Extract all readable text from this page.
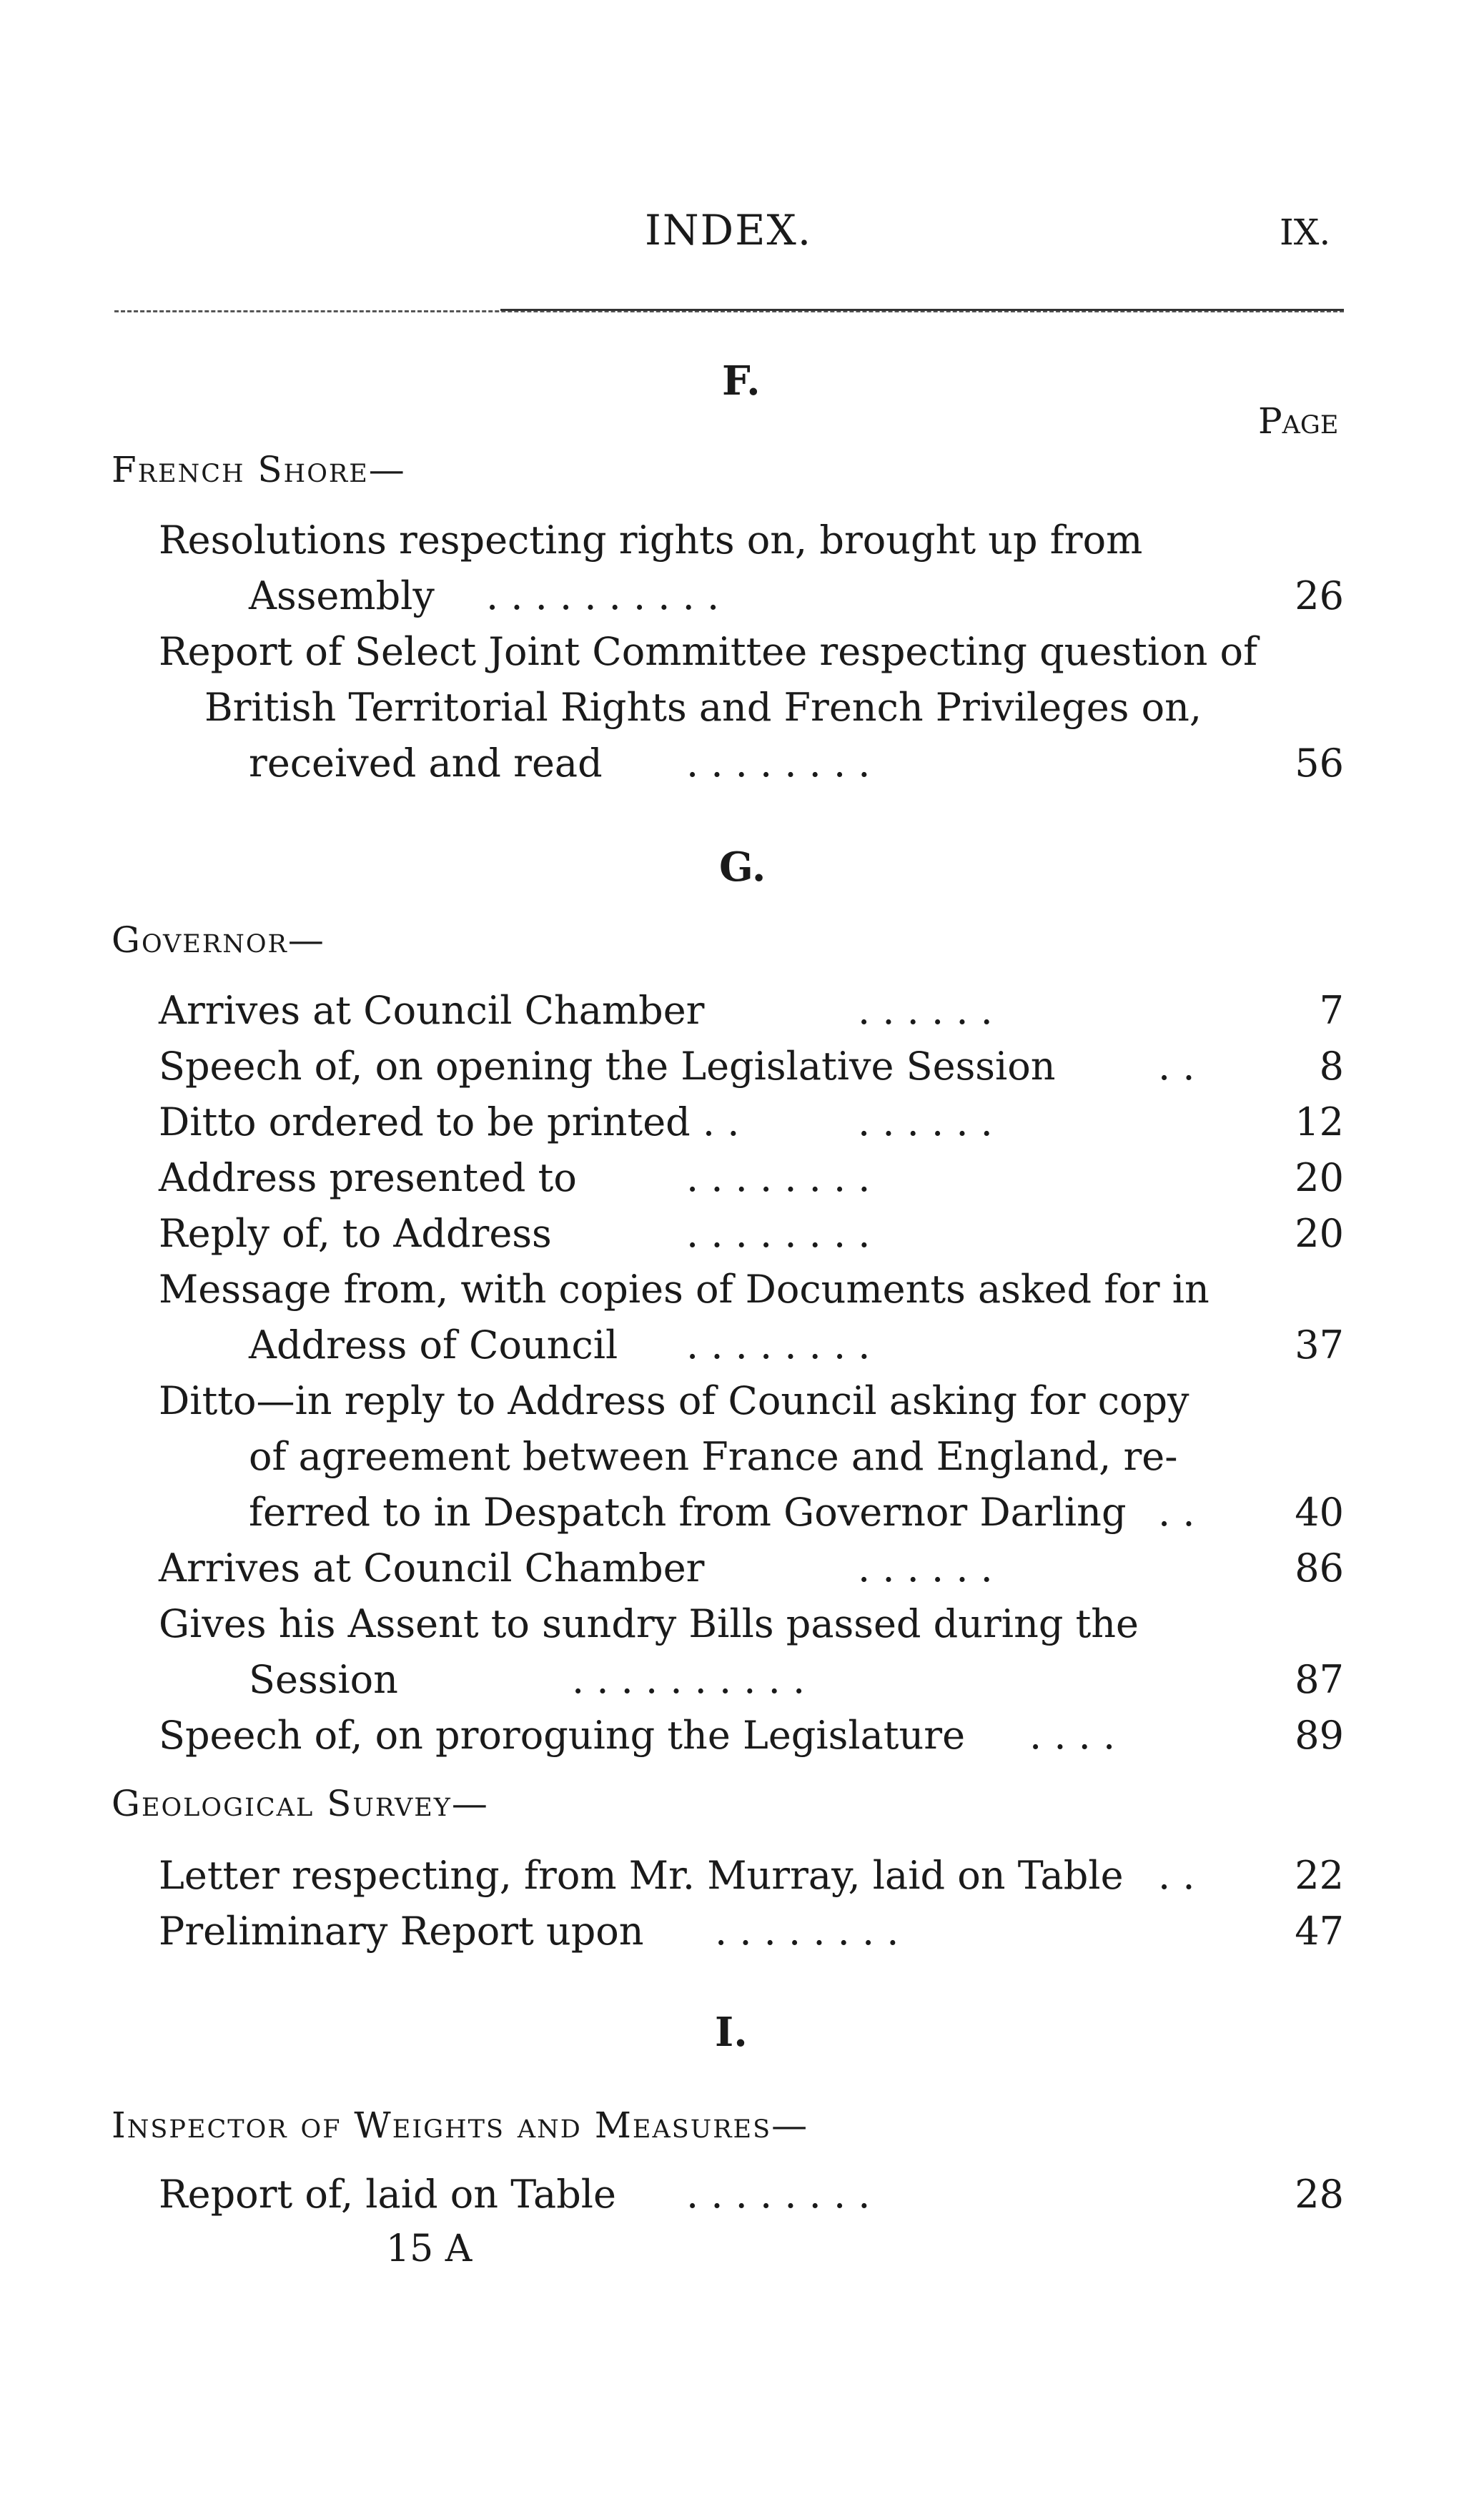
INDEX.	IX.
F.
Page
French Shore—
Resolutions respecting rights on, brought up from
Assembly . . . . . . . . . .	26
Report of Select Joint Committee respecting question of
British Territorial Rights and French Privileges on,
received and read . . . . . . . .	56
G.
Governor—
Arrives at Council Chamber	. . . . . .	7
Speech of, on opening the Legislative Session	. .	8
Ditto ordered to be printed . .	. . . . . .	12
Address presented to	. . . . . . . .	20
Reply of, to Address	. . . . . . . .	20
Message from, with copies of Documents asked for in
Address of Council . . . . . . . .	37
Ditto—in reply to Address of Council asking for copy
of agreement between France and England, re-
ferred to in Despatch from Governor Darling . .	40
Arrives at Council Chamber	. . . . . .	86
Gives his Assent to sundry Bills passed during the
Session	. . . . . . . . . .	87
Speech of, on proroguing the Legislature . . . .	89
Geological Survey—
Letter respecting, from Mr. Murray, laid on Table . .	22
Preliminary Report upon . . . . . . . .	47
I.
Inspector of Weights and Measures—
Report of, laid on Table . . . . . . . .	28
15 A
